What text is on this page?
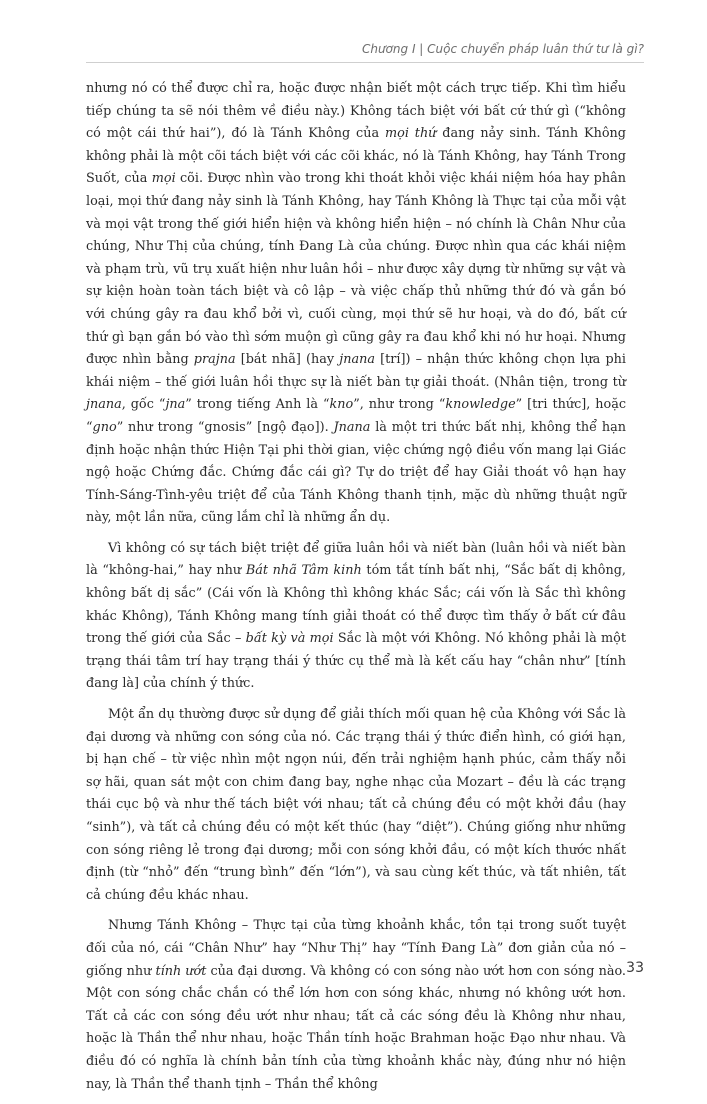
Chương I | Cuộc chuyển pháp luân thứ tư là gì?

nhưng nó có thể được chỉ ra, hoặc được nhận biết một cách trực tiếp. Khi tìm hiểu tiếp chúng ta sẽ nói thêm về điều này.) Không tách biệt với bất cứ thứ gì (“không có một cái thứ hai”), đó là Tánh Không của mọi thứ đang nảy sinh. Tánh Không không phải là một cõi tách biệt với các cõi khác, nó là Tánh Không, hay Tánh Trong Suốt, của mọi cõi. Được nhìn vào trong khi thoát khỏi việc khái niệm hóa hay phân loại, mọi thứ đang nảy sinh là Tánh Không, hay Tánh Không là Thực tại của mỗi vật và mọi vật trong thế giới hiển hiện và không hiển hiện – nó chính là Chân Như của chúng, Như Thị của chúng, tính Đang Là của chúng. Được nhìn qua các khái niệm và phạm trù, vũ trụ xuất hiện như luân hồi – như được xây dựng từ những sự vật và sự kiện hoàn toàn tách biệt và cô lập – và việc chấp thủ những thứ đó và gắn bó với chúng gây ra đau khổ bởi vì, cuối cùng, mọi thứ sẽ hư hoại, và do đó, bất cứ thứ gì bạn gắn bó vào thì sớm muộn gì cũng gây ra đau khổ khi nó hư hoại. Nhưng được nhìn bằng prajna [bát nhã] (hay jnana [trí]) – nhận thức không chọn lựa phi khái niệm – thế giới luân hồi thực sự là niết bàn tự giải thoát. (Nhân tiện, trong từ jnana, gốc “jna” trong tiếng Anh là “kno”, như trong “knowledge” [tri thức], hoặc “gno” như trong “gnosis” [ngộ đạo]). Jnana là một tri thức bất nhị, không thể hạn định hoặc nhận thức Hiện Tại phi thời gian, việc chứng ngộ điều vốn mang lại Giác ngộ hoặc Chứng đắc. Chứng đắc cái gì? Tự do triệt để hay Giải thoát vô hạn hay Tính-Sáng-Tình-yêu triệt để của Tánh Không thanh tịnh, mặc dù những thuật ngữ này, một lần nữa, cũng lắm chỉ là những ẩn dụ.

Vì không có sự tách biệt triệt để giữa luân hồi và niết bàn (luân hồi và niết bàn là “không-hai,” hay như Bát nhã Tâm kinh tóm tắt tính bất nhị, “Sắc bất dị không, không bất dị sắc” (Cái vốn là Không thì không khác Sắc; cái vốn là Sắc thì không khác Không), Tánh Không mang tính giải thoát có thể được tìm thấy ở bất cứ đâu trong thế giới của Sắc – bất kỳ và mọi Sắc là một với Không. Nó không phải là một trạng thái tâm trí hay trạng thái ý thức cụ thể mà là kết cấu hay “chân như” [tính đang là] của chính ý thức.

Một ẩn dụ thường được sử dụng để giải thích mối quan hệ của Không với Sắc là đại dương và những con sóng của nó. Các trạng thái ý thức điển hình, có giới hạn, bị hạn chế – từ việc nhìn một ngọn núi, đến trải nghiệm hạnh phúc, cảm thấy nỗi sợ hãi, quan sát một con chim đang bay, nghe nhạc của Mozart – đều là các trạng thái cục bộ và như thế tách biệt với nhau; tất cả chúng đều có một khởi đầu (hay “sinh”), và tất cả chúng đều có một kết thúc (hay “diệt”). Chúng giống như những con sóng riêng lẻ trong đại dương; mỗi con sóng khởi đầu, có một kích thước nhất định (từ “nhỏ” đến “trung bình” đến “lớn”), và sau cùng kết thúc, và tất nhiên, tất cả chúng đều khác nhau.

Nhưng Tánh Không – Thực tại của từng khoảnh khắc, tồn tại trong suốt tuyệt đối của nó, cái “Chân Như” hay “Như Thị” hay “Tính Đang Là” đơn giản của nó – giống như tính ướt của đại dương. Và không có con sóng nào ướt hơn con sóng nào. Một con sóng chắc chắn có thể lớn hơn con sóng khác, nhưng nó không ướt hơn. Tất cả các con sóng đều ướt như nhau; tất cả các sóng đều là Không như nhau, hoặc là Thần thể như nhau, hoặc Thần tính hoặc Brahman hoặc Đạo như nhau. Và điều đó có nghĩa là chính bản tính của từng khoảnh khắc này, đúng như nó hiện nay, là Thần thể thanh tịnh – Thần thể không

33
